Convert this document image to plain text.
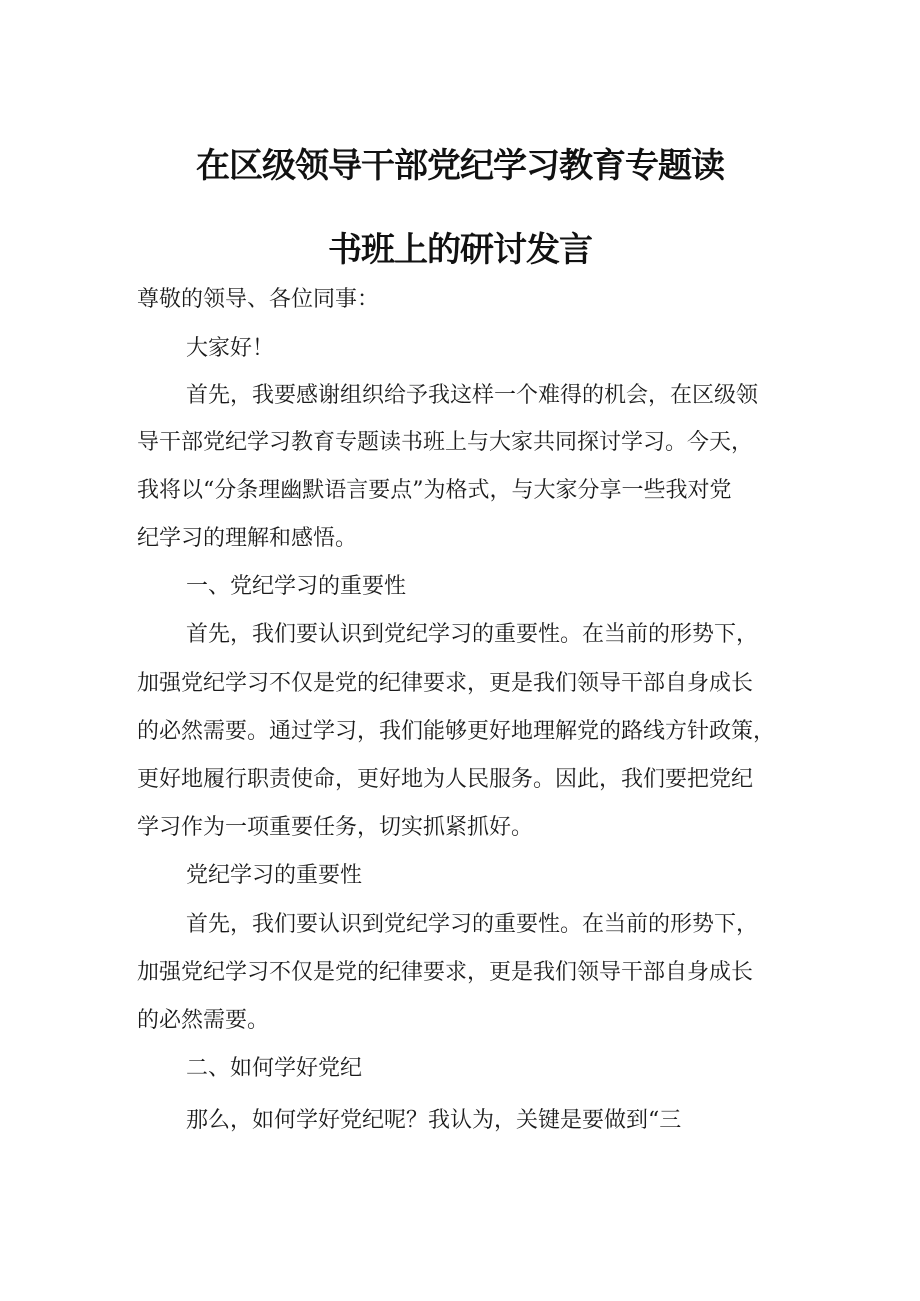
在区级领导干部党纪学习教育专题读
书班上的研讨发言
尊敬的领导、各位同事：
大家好！
首先，我要感谢组织给予我这样一个难得的机会，在区级领
导干部党纪学习教育专题读书班上与大家共同探讨学习。今天，
我将以“分条理幽默语言要点”为格式，与大家分享一些我对党
纪学习的理解和感悟。
一、党纪学习的重要性
首先，我们要认识到党纪学习的重要性。在当前的形势下，
加强党纪学习不仅是党的纪律要求，更是我们领导干部自身成长
的必然需要。通过学习，我们能够更好地理解党的路线方针政策，
更好地履行职责使命，更好地为人民服务。因此，我们要把党纪
学习作为一项重要任务，切实抓紧抓好。
党纪学习的重要性
首先，我们要认识到党纪学习的重要性。在当前的形势下，
加强党纪学习不仅是党的纪律要求，更是我们领导干部自身成长
的必然需要。
二、如何学好党纪
那么，如何学好党纪呢？我认为，关键是要做到“三
